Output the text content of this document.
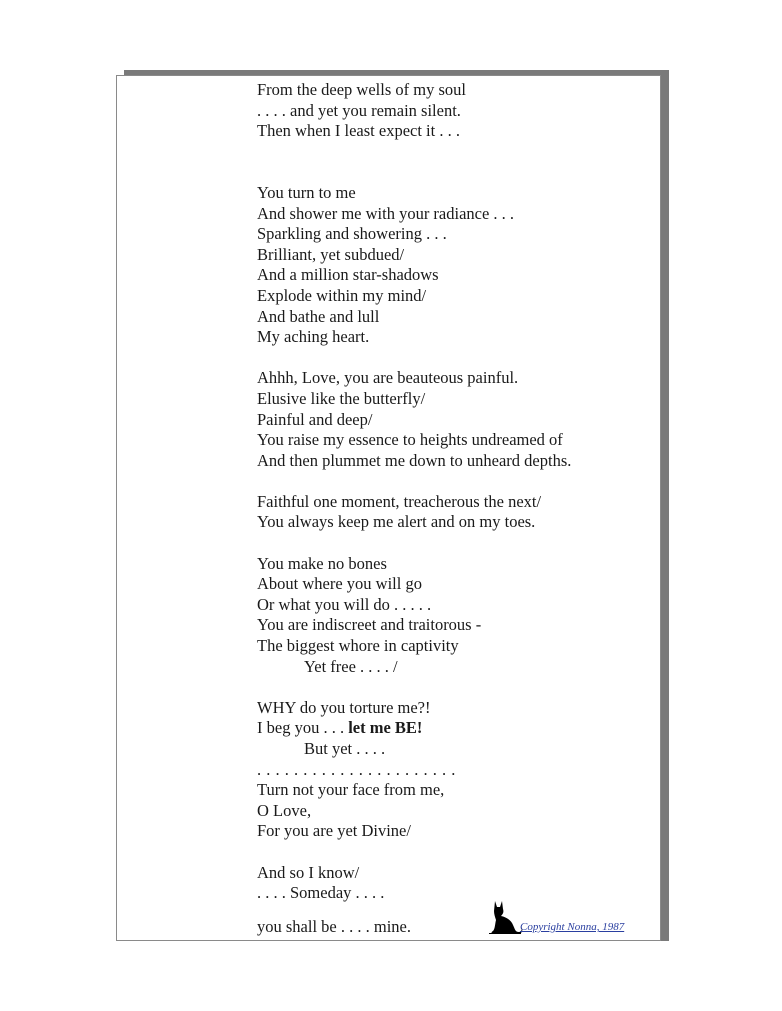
From the deep wells of my soul
. . . . and yet you remain silent.
Then when I least expect it . . .
You turn to me
And shower me with your radiance . . .
Sparkling and showering . . .
Brilliant, yet subdued/
And a million star-shadows
Explode within my mind/
And bathe and lull
My aching heart.
Ahhh, Love, you are beauteous painful.
Elusive like the butterfly/
Painful and deep/
You raise my essence to heights undreamed of
And then plummet me down to unheard depths.
Faithful one moment, treacherous the next/
You always keep me alert and on my toes.
You make no bones
About where you will go
Or what you will do . . . . .
You are indiscreet and traitorous -
The biggest whore in captivity
Yet free . . . . /
WHY do you torture me?!
I beg you . . . let me BE!
But yet . . . .
. . . . . . . . . . . . . . . . . . . . . .
Turn not your face from me,
O Love,
For you are yet Divine/
And so I know/
. . . . Someday . . . .
you shall be . . . . mine.	Copyright Nonna, 1987
